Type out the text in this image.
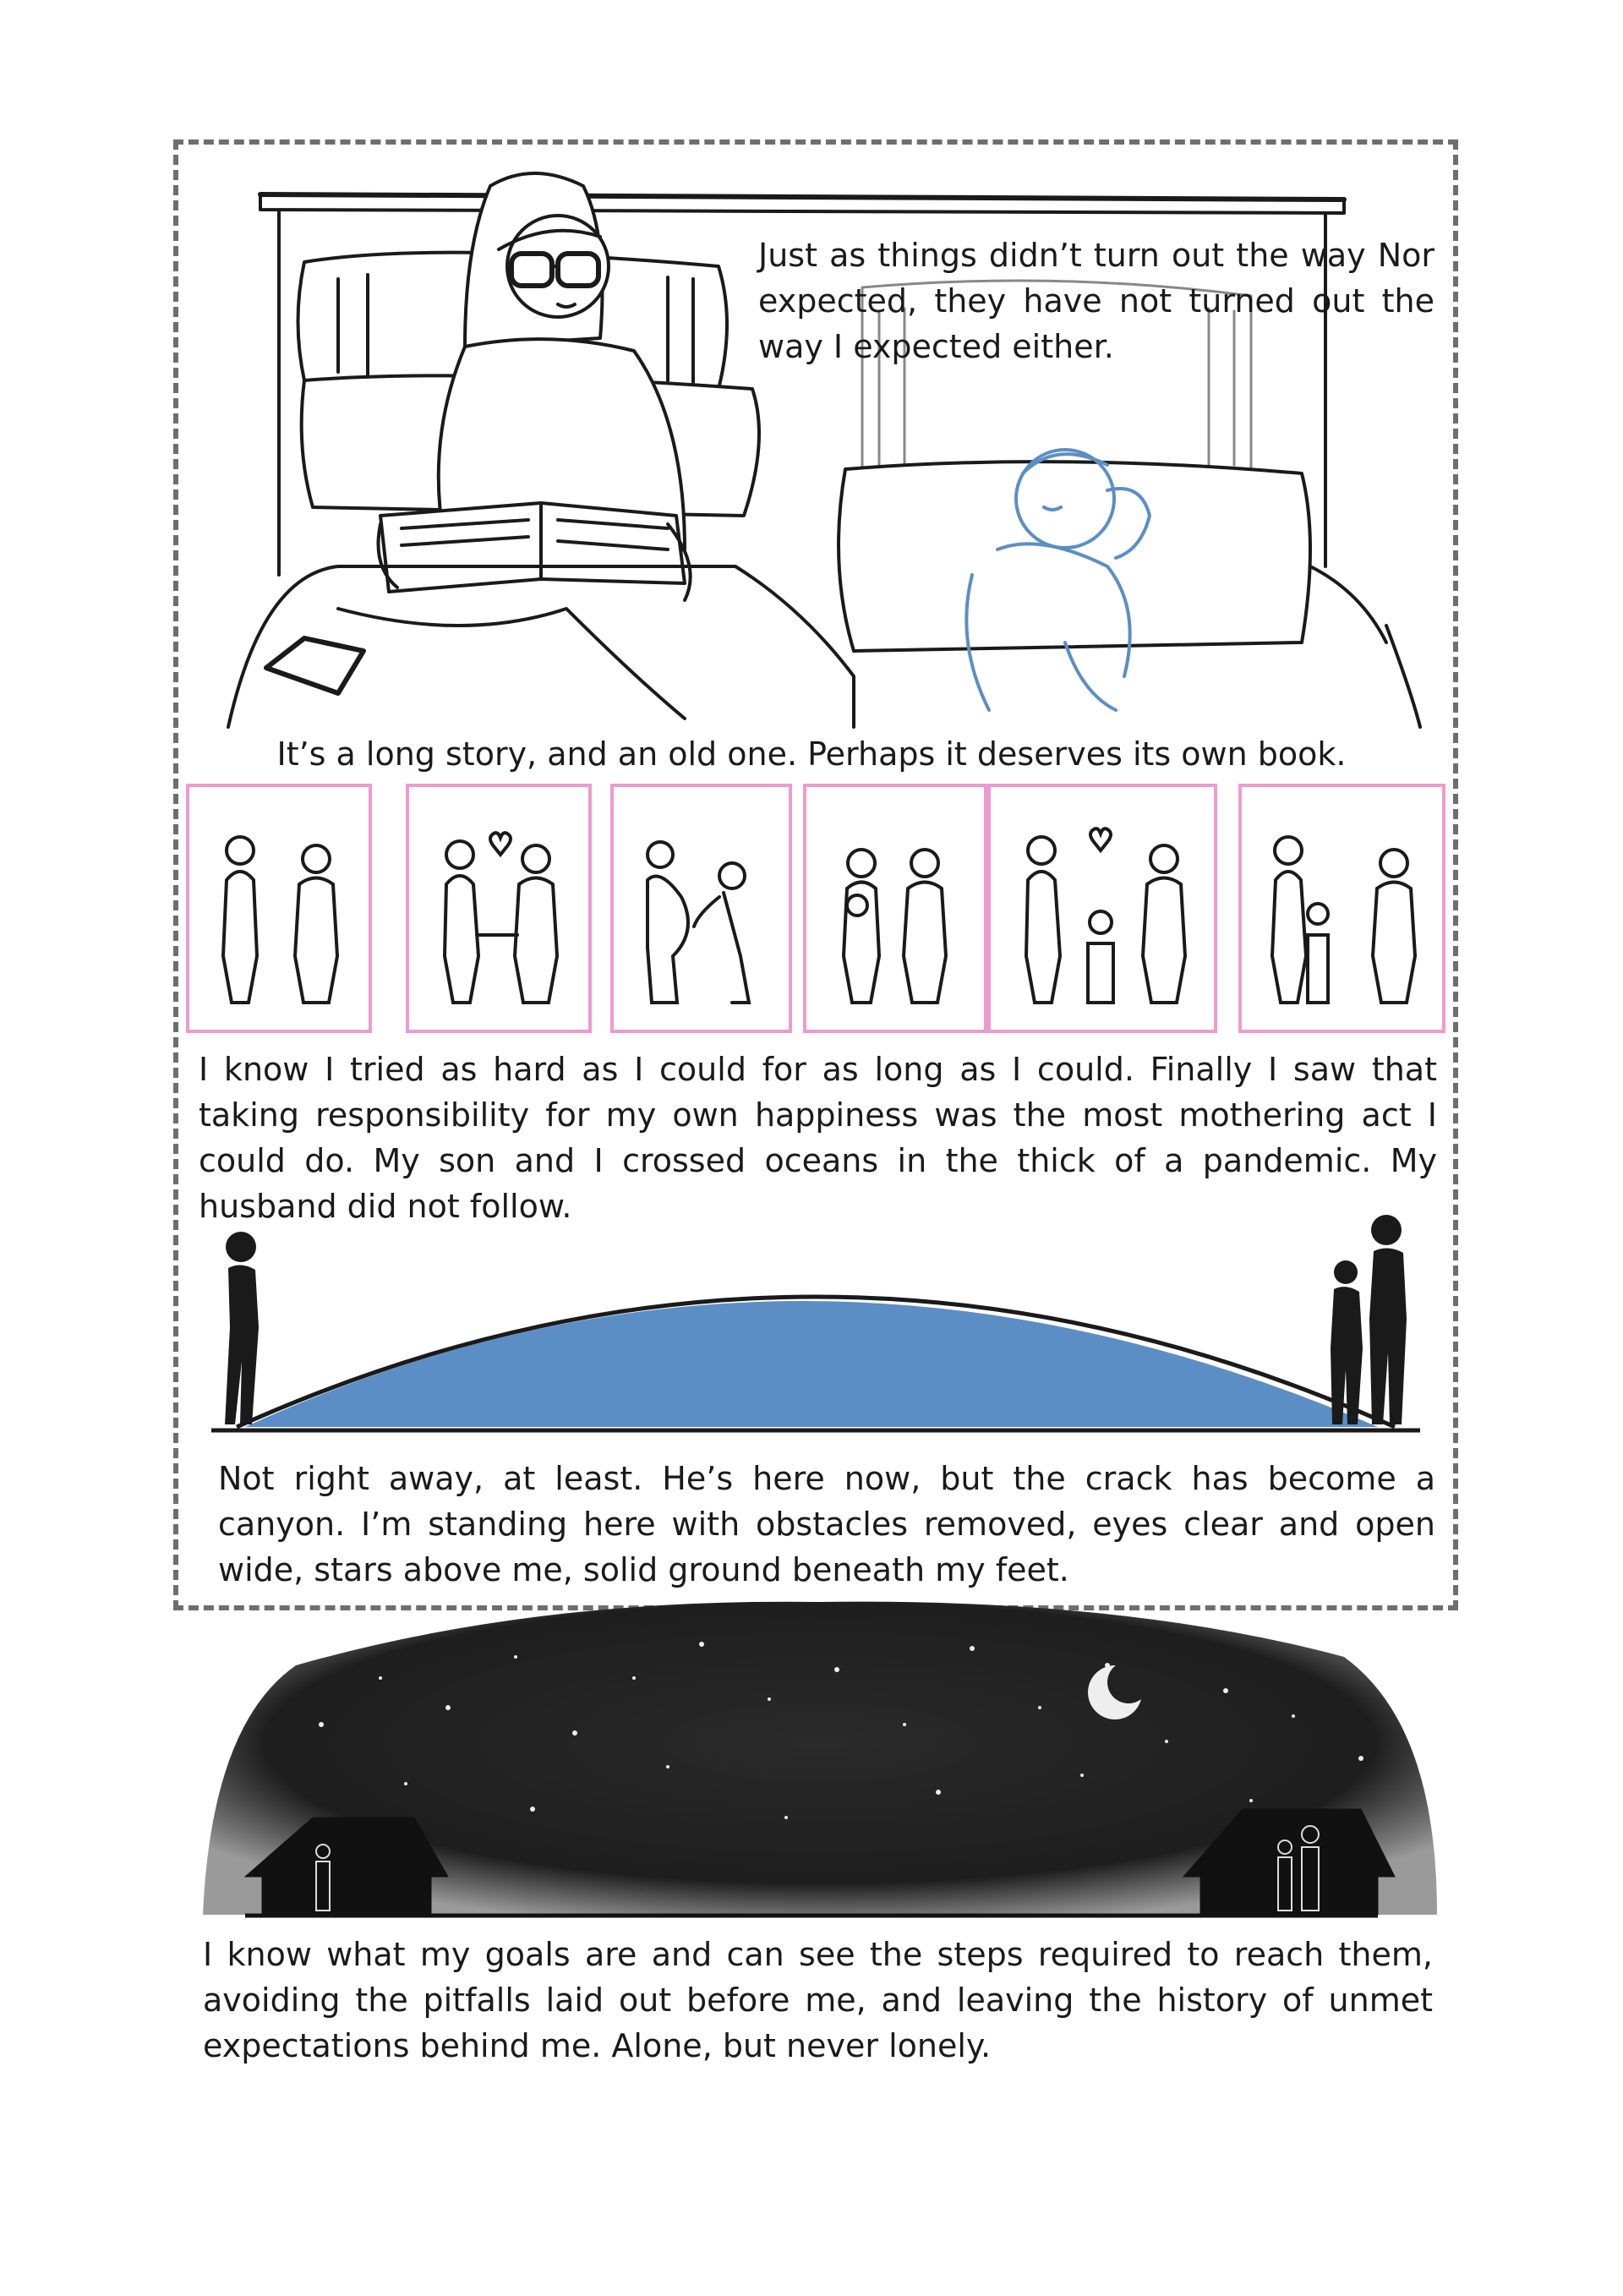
Just as things didn’t turn out the way Nor expected, they have not turned out the way I expected either.
It’s a long story, and an old one. Perhaps it deserves its own book.
I know I tried as hard as I could for as long as I could. Finally I saw that taking responsibility for my own happiness was the most mothering act I could do. My son and I crossed oceans in the thick of a pandemic. My husband did not follow.
Not right away, at least. He’s here now, but the crack has become a canyon. I’m standing here with obstacles removed, eyes clear and open wide, stars above me, solid ground beneath my feet.
I know what my goals are and can see the steps required to reach them, avoiding the pitfalls laid out before me, and leaving the history of unmet expectations behind me. Alone, but never lonely.
